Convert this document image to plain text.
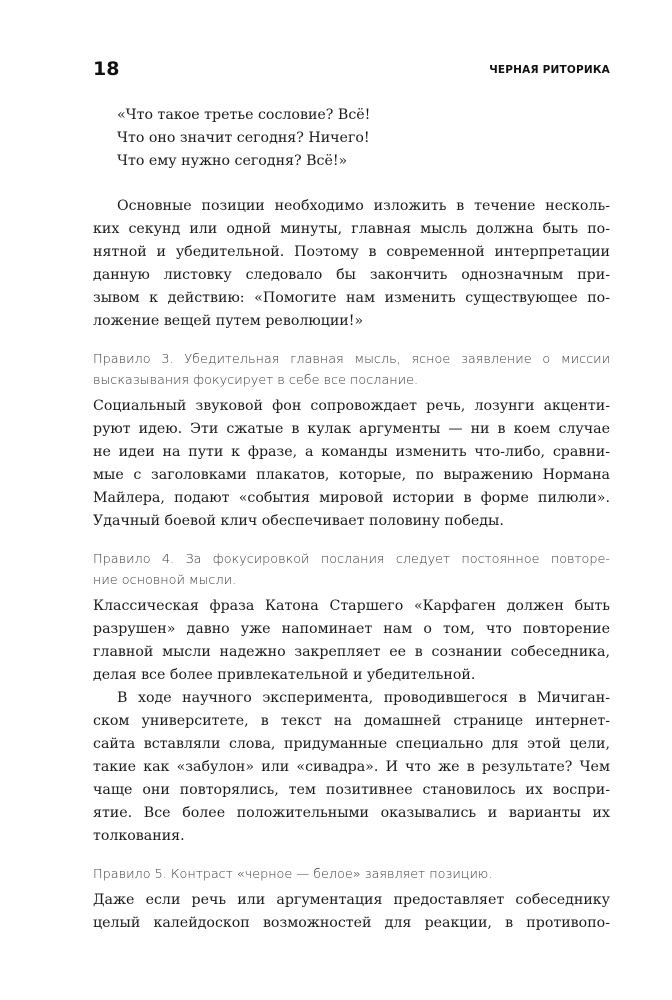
18	ЧЕРНАЯ РИТОРИКА
«Что такое третье сословие? Всё!
Что оно значит сегодня? Ничего!
Что ему нужно сегодня? Всё!»
Основные позиции необходимо изложить в течение несколь-
ких секунд или одной минуты, главная мысль должна быть по-
нятной и убедительной. Поэтому в современной интерпретации
данную листовку следовало бы закончить однозначным при-
зывом к действию: «Помогите нам изменить существующее по-
ложение вещей путем революции!»
Правило 3. Убедительная главная мысль, ясное заявление о миссии
высказывания фокусирует в себе все послание.
Социальный звуковой фон сопровождает речь, лозунги акценти-
руют идею. Эти сжатые в кулак аргументы — ни в коем случае
не идеи на пути к фразе, а команды изменить что-либо, сравни-
мые с заголовками плакатов, которые, по выражению Нормана
Майлера, подают «события мировой истории в форме пилюли».
Удачный боевой клич обеспечивает половину победы.
Правило 4. За фокусировкой послания следует постоянное повторе-
ние основной мысли.
Классическая фраза Катона Старшего «Карфаген должен быть
разрушен» давно уже напоминает нам о том, что повторение
главной мысли надежно закрепляет ее в сознании собеседника,
делая все более привлекательной и убедительной.
В ходе научного эксперимента, проводившегося в Мичиган-
ском университете, в текст на домашней странице интернет-
сайта вставляли слова, придуманные специально для этой цели,
такие как «забулон» или «сивадра». И что же в результате? Чем
чаще они повторялись, тем позитивнее становилось их воспри-
ятие. Все более положительными оказывались и варианты их
толкования.
Правило 5. Контраст «черное — белое» заявляет позицию.
Даже если речь или аргументация предоставляет собеседнику
целый калейдоскоп возможностей для реакции, в противопо-
